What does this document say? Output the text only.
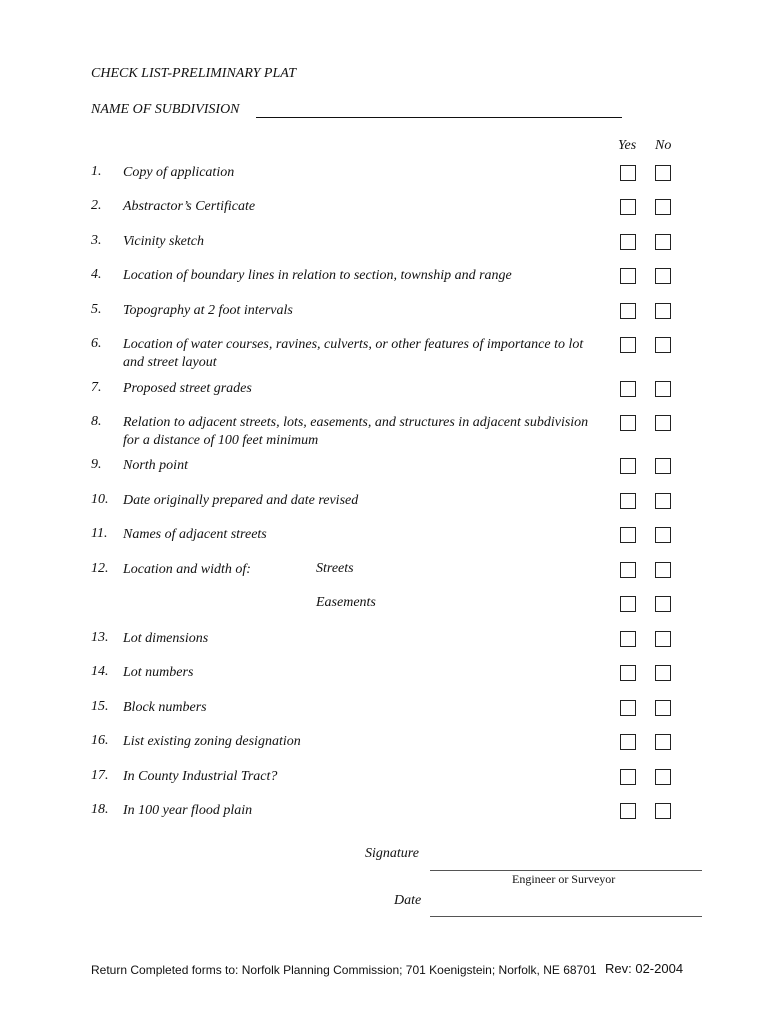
CHECK LIST-PRELIMINARY PLAT
NAME OF SUBDIVISION
Yes No
1. Copy of application
2. Abstractor’s Certificate
3. Vicinity sketch
4. Location of boundary lines in relation to section, township and range
5. Topography at 2 foot intervals
6. Location of water courses, ravines, culverts, or other features of importance to lot and street layout
7. Proposed street grades
8. Relation to adjacent streets, lots, easements, and structures in adjacent subdivision for a distance of 100 feet minimum
9. North point
10. Date originally prepared and date revised
11. Names of adjacent streets
12. Location and width of:	Streets
Easements
13. Lot dimensions
14. Lot numbers
15. Block numbers
16. List existing zoning designation
17. In County Industrial Tract?
18. In 100 year flood plain
Signature
Engineer or Surveyor
Date
Return Completed forms to: Norfolk Planning Commission; 701 Koenigstein; Norfolk, NE 68701 Rev: 02-2004
